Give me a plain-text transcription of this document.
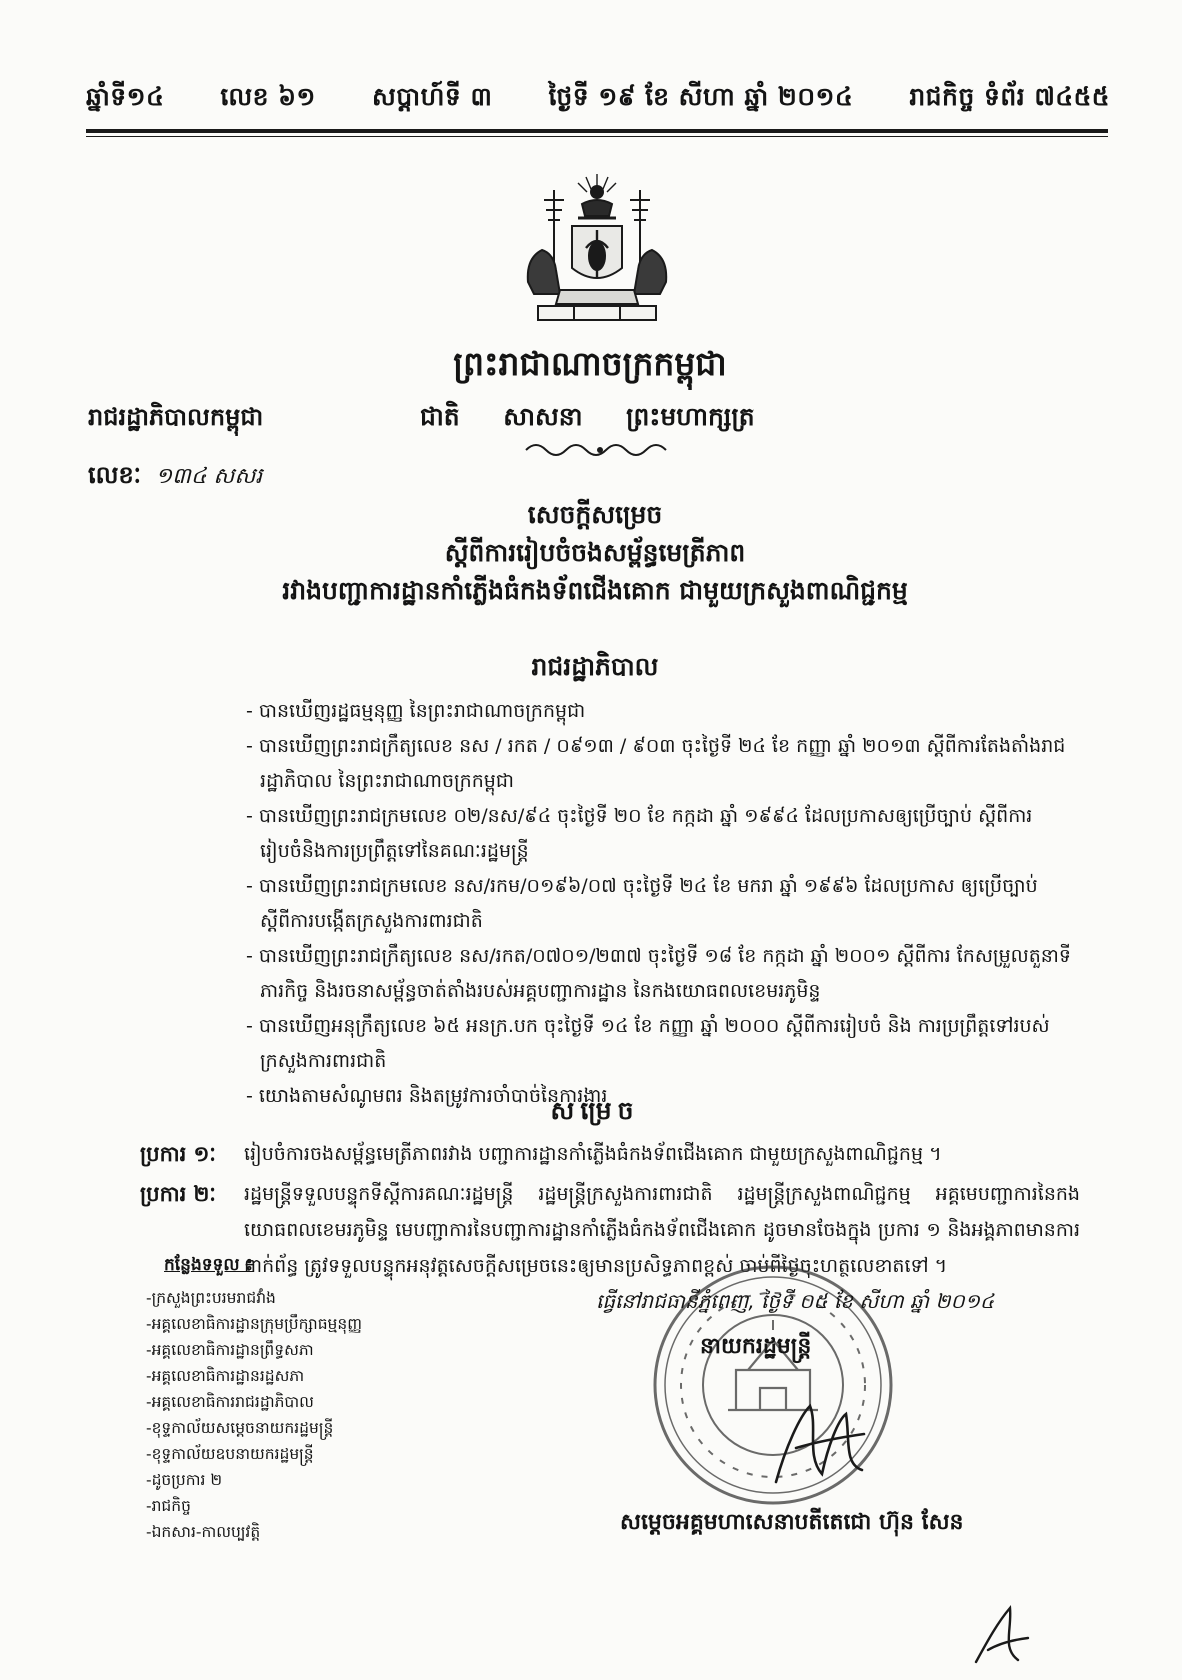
ឆ្នាំទី១៤ លេខ ៦១ សប្តាហ៍ទី ៣ ថ្ងៃទី ១៩ ខែ សីហា ឆ្នាំ ២០១៤ រាជកិច្ច ទំព័រ ៧៤៥៥
ព្រះរាជាណាចក្រកម្ពុជា
រាជរដ្ឋាភិបាលកម្ពុជា	ជាតិ សាសនា ព្រះមហាក្សត្រ
លេខៈ ១៣៤ សសរ
សេចក្តីសម្រេច
ស្តីពីការរៀបចំចងសម្ព័ន្ធមេត្រីភាព
រវាងបញ្ជាការដ្ឋានកាំភ្លើងធំកងទ័ពជើងគោក ជាមួយក្រសួងពាណិជ្ជកម្ម
រាជរដ្ឋាភិបាល
- បានឃើញរដ្ឋធម្មនុញ្ញ នៃព្រះរាជាណាចក្រកម្ពុជា
- បានឃើញព្រះរាជក្រឹត្យលេខ នស / រកត / ០៩១៣ / ៩០៣ ចុះថ្ងៃទី ២៤ ខែ កញ្ញា ឆ្នាំ ២០១៣ ស្តីពីការតែងតាំងរាជរដ្ឋាភិបាល នៃព្រះរាជាណាចក្រកម្ពុជា
- បានឃើញព្រះរាជក្រមលេខ ០២/នស/៩៤ ចុះថ្ងៃទី ២០ ខែ កក្កដា ឆ្នាំ ១៩៩៤ ដែលប្រកាសឲ្យប្រើច្បាប់ ស្តីពីការរៀបចំនិងការប្រព្រឹត្តទៅនៃគណៈរដ្ឋមន្ត្រី
- បានឃើញព្រះរាជក្រមលេខ នស/រកម/០១៩៦/០៧ ចុះថ្ងៃទី ២៤ ខែ មករា ឆ្នាំ ១៩៩៦ ដែលប្រកាស ឲ្យប្រើច្បាប់ ស្តីពីការបង្កើតក្រសួងការពារជាតិ
- បានឃើញព្រះរាជក្រឹត្យលេខ នស/រកត/០៧០១/២៣៧ ចុះថ្ងៃទី ១៨ ខែ កក្កដា ឆ្នាំ ២០០១ ស្តីពីការ កែសម្រួលតួនាទី ភារកិច្ច និងរចនាសម្ព័ន្ធចាត់តាំងរបស់អគ្គបញ្ជាការដ្ឋាន នៃកងយោធពលខេមរភូមិន្ទ
- បានឃើញអនុក្រឹត្យលេខ ៦៥ អនក្រ.បក ចុះថ្ងៃទី ១៤ ខែ កញ្ញា ឆ្នាំ ២០០០ ស្តីពីការរៀបចំ និង ការប្រព្រឹត្តទៅរបស់ក្រសួងការពារជាតិ
- យោងតាមសំណូមពរ និងតម្រូវការចាំបាច់នៃការងារ
សម្រេច
ប្រការ ១ៈ	រៀបចំការចងសម្ព័ន្ធមេត្រីភាពរវាង បញ្ជាការដ្ឋានកាំភ្លើងធំកងទ័ពជើងគោក ជាមួយក្រសួងពាណិជ្ជកម្ម ។
ប្រការ ២ៈ	រដ្ឋមន្ត្រីទទួលបន្ទុកទីស្តីការគណៈរដ្ឋមន្ត្រី រដ្ឋមន្ត្រីក្រសួងការពារជាតិ រដ្ឋមន្ត្រីក្រសួងពាណិជ្ជកម្ម អគ្គមេបញ្ជាការនៃកងយោធពលខេមរភូមិន្ទ មេបញ្ជាការនៃបញ្ជាការដ្ឋានកាំភ្លើងធំកងទ័ពជើងគោក ដូចមានចែងក្នុង ប្រការ ១ និងអង្គភាពមានការពាក់ព័ន្ធ ត្រូវទទួលបន្ទុកអនុវត្តសេចក្តីសម្រេចនេះឲ្យមានប្រសិទ្ធភាពខ្ពស់ ចាប់ពីថ្ងៃចុះហត្ថលេខាតទៅ ។
ធ្វើនៅរាជធានីភ្នំពេញ, ថ្ងៃទី ០៥ ខែ សីហា ឆ្នាំ ២០១៤
នាយករដ្ឋមន្ត្រី
សម្តេចអគ្គមហាសេនាបតីតេជោ ហ៊ុន សែន
កន្លែងទទួល ៖
-ក្រសួងព្រះបរមរាជវាំង
-អគ្គលេខាធិការដ្ឋានក្រុមប្រឹក្សាធម្មនុញ្ញ
-អគ្គលេខាធិការដ្ឋានព្រឹទ្ធសភា
-អគ្គលេខាធិការដ្ឋានរដ្ឋសភា
-អគ្គលេខាធិការរាជរដ្ឋាភិបាល
-ខុទ្ទកាល័យសម្តេចនាយករដ្ឋមន្ត្រី
-ខុទ្ទកាល័យឧបនាយករដ្ឋមន្ត្រី
-ដូចប្រការ ២
-រាជកិច្ច
-ឯកសារ-កាលប្បវត្តិ
